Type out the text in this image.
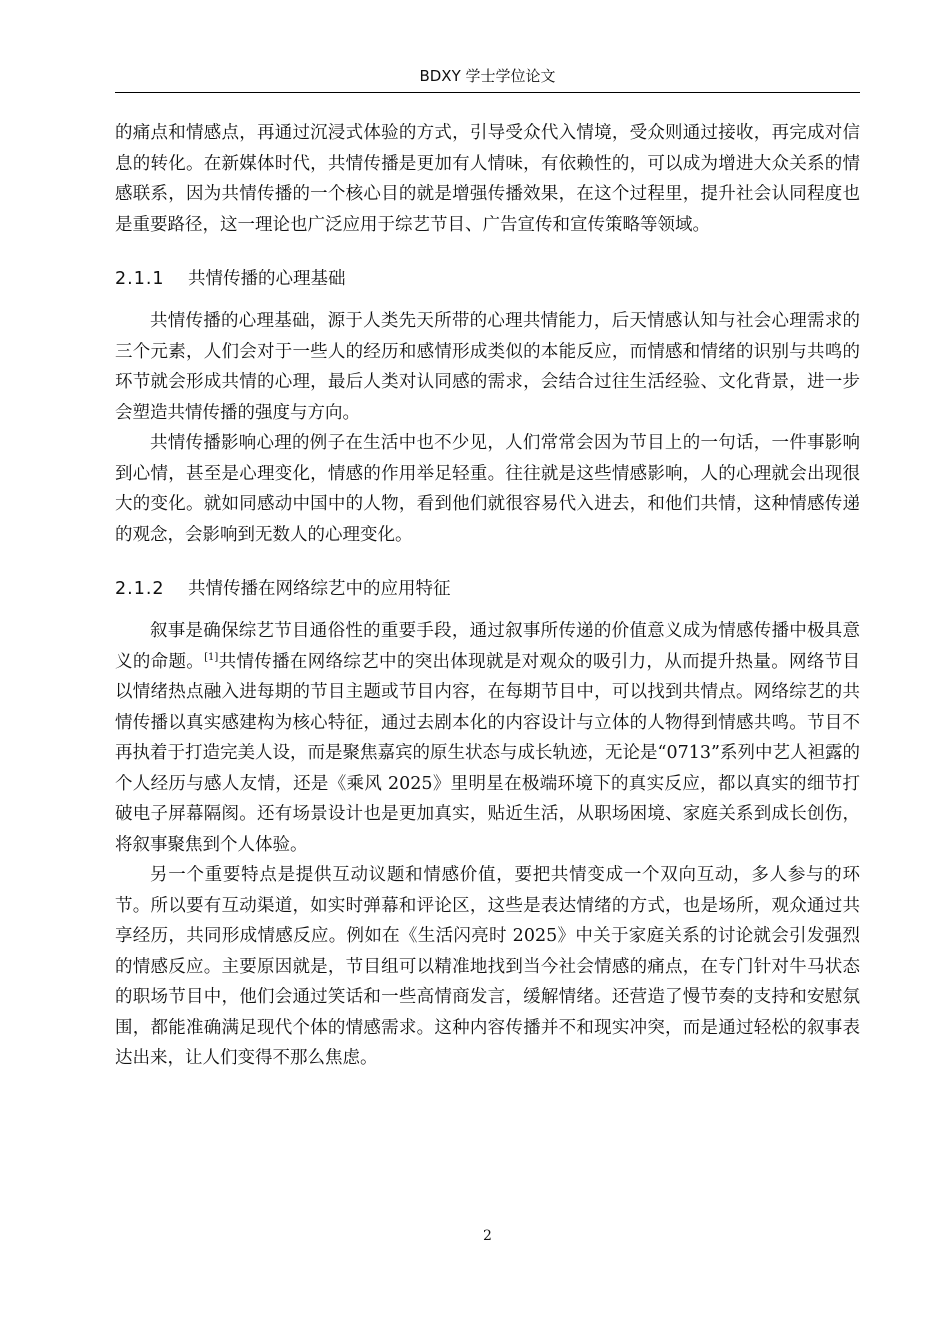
BDXY 学士学位论文

的痛点和情感点，再通过沉浸式体验的方式，引导受众代入情境，受众则通过接收，再完成对信息的转化。在新媒体时代，共情传播是更加有人情味，有依赖性的，可以成为增进大众关系的情感联系，因为共情传播的一个核心目的就是增强传播效果，在这个过程里，提升社会认同程度也是重要路径，这一理论也广泛应用于综艺节目、广告宣传和宣传策略等领域。

2.1.1 共情传播的心理基础

共情传播的心理基础，源于人类先天所带的心理共情能力，后天情感认知与社会心理需求的三个元素，人们会对于一些人的经历和感情形成类似的本能反应，而情感和情绪的识别与共鸣的环节就会形成共情的心理，最后人类对认同感的需求，会结合过往生活经验、文化背景，进一步会塑造共情传播的强度与方向。

共情传播影响心理的例子在生活中也不少见，人们常常会因为节目上的一句话，一件事影响到心情，甚至是心理变化，情感的作用举足轻重。往往就是这些情感影响，人的心理就会出现很大的变化。就如同感动中国中的人物，看到他们就很容易代入进去，和他们共情，这种情感传递的观念，会影响到无数人的心理变化。

2.1.2 共情传播在网络综艺中的应用特征

叙事是确保综艺节目通俗性的重要手段，通过叙事所传递的价值意义成为情感传播中极具意义的命题。[1]共情传播在网络综艺中的突出体现就是对观众的吸引力，从而提升热量。网络节目以情绪热点融入进每期的节目主题或节目内容，在每期节目中，可以找到共情点。网络综艺的共情传播以真实感建构为核心特征，通过去剧本化的内容设计与立体的人物得到情感共鸣。节目不再执着于打造完美人设，而是聚焦嘉宾的原生状态与成长轨迹，无论是“0713”系列中艺人袒露的个人经历与感人友情，还是《乘风 2025》里明星在极端环境下的真实反应，都以真实的细节打破电子屏幕隔阂。还有场景设计也是更加真实，贴近生活，从职场困境、家庭关系到成长创伤，将叙事聚焦到个人体验。

另一个重要特点是提供互动议题和情感价值，要把共情变成一个双向互动，多人参与的环节。所以要有互动渠道，如实时弹幕和评论区，这些是表达情绪的方式，也是场所，观众通过共享经历，共同形成情感反应。例如在《生活闪亮时 2025》中关于家庭关系的讨论就会引发强烈的情感反应。主要原因就是，节目组可以精准地找到当今社会情感的痛点，在专门针对牛马状态的职场节目中，他们会通过笑话和一些高情商发言，缓解情绪。还营造了慢节奏的支持和安慰氛围，都能准确满足现代个体的情感需求。这种内容传播并不和现实冲突，而是通过轻松的叙事表达出来，让人们变得不那么焦虑。

2
